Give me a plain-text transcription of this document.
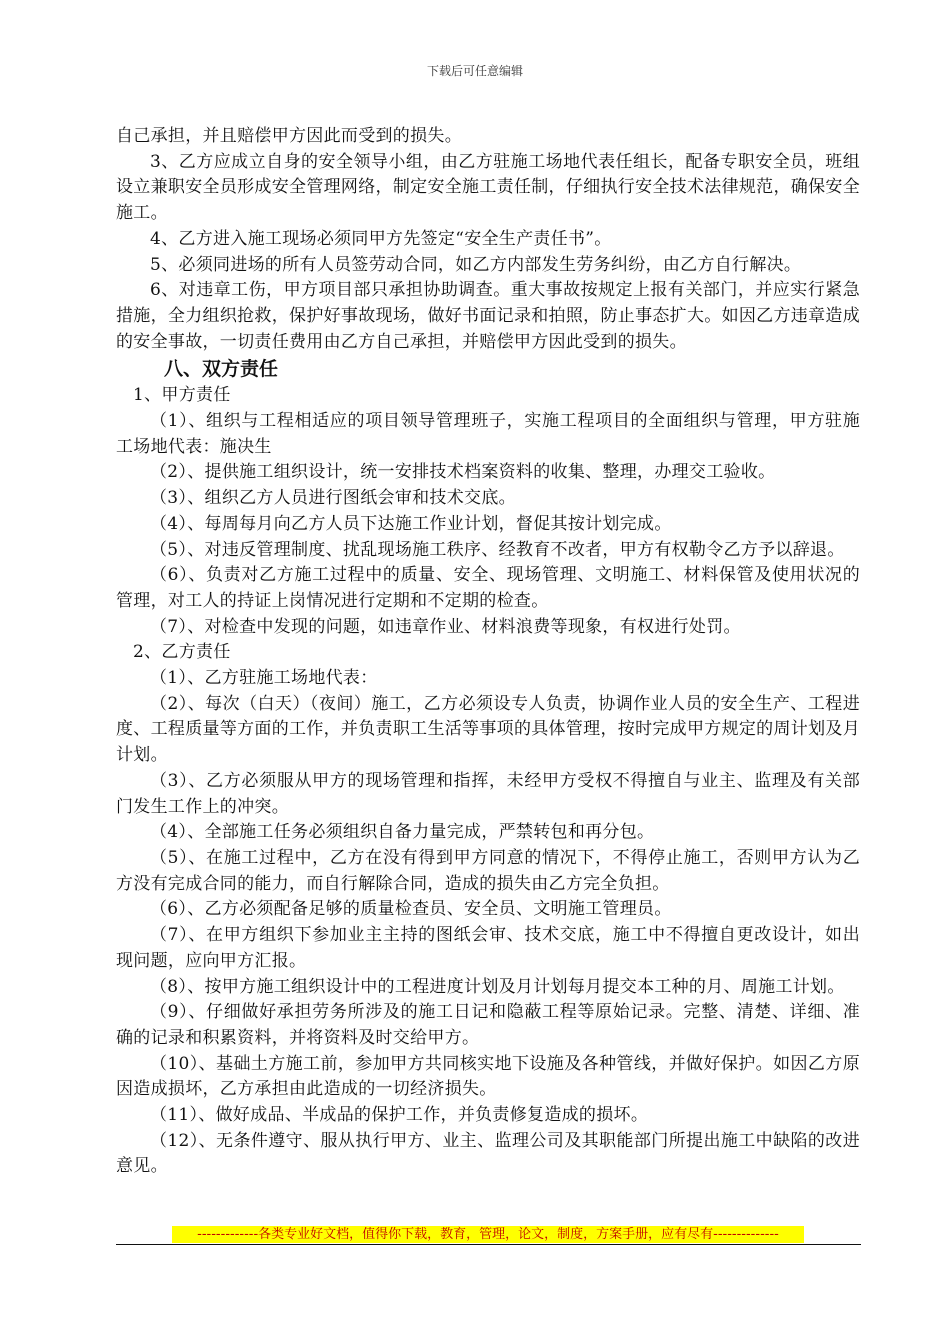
下载后可任意编辑

自己承担，并且赔偿甲方因此而受到的损失。

3、乙方应成立自身的安全领导小组，由乙方驻施工场地代表任组长，配备专职安全员，班组设立兼职安全员形成安全管理网络，制定安全施工责任制，仔细执行安全技术法律规范，确保安全施工。

4、乙方进入施工现场必须同甲方先签定“安全生产责任书”。

5、必须同进场的所有人员签劳动合同，如乙方内部发生劳务纠纷，由乙方自行解决。

6、对违章工伤，甲方项目部只承担协助调查。重大事故按规定上报有关部门，并应实行紧急措施，全力组织抢救，保护好事故现场，做好书面记录和拍照，防止事态扩大。如因乙方违章造成的安全事故，一切责任费用由乙方自己承担，并赔偿甲方因此受到的损失。

八、双方责任

1、甲方责任

（1）、组织与工程相适应的项目领导管理班子，实施工程项目的全面组织与管理，甲方驻施工场地代表：施决生

（2）、提供施工组织设计，统一安排技术档案资料的收集、整理，办理交工验收。

（3）、组织乙方人员进行图纸会审和技术交底。

（4）、每周每月向乙方人员下达施工作业计划，督促其按计划完成。

（5）、对违反管理制度、扰乱现场施工秩序、经教育不改者，甲方有权勒令乙方予以辞退。

（6）、负责对乙方施工过程中的质量、安全、现场管理、文明施工、材料保管及使用状况的管理，对工人的持证上岗情况进行定期和不定期的检查。

（7）、对检查中发现的问题，如违章作业、材料浪费等现象，有权进行处罚。

2、乙方责任

（1）、乙方驻施工场地代表：

（2）、每次（白天）（夜间）施工，乙方必须设专人负责，协调作业人员的安全生产、工程进度、工程质量等方面的工作，并负责职工生活等事项的具体管理，按时完成甲方规定的周计划及月计划。

（3）、乙方必须服从甲方的现场管理和指挥，未经甲方受权不得擅自与业主、监理及有关部门发生工作上的冲突。

（4）、全部施工任务必须组织自备力量完成，严禁转包和再分包。

（5）、在施工过程中，乙方在没有得到甲方同意的情况下，不得停止施工，否则甲方认为乙方没有完成合同的能力，而自行解除合同，造成的损失由乙方完全负担。

（6）、乙方必须配备足够的质量检查员、安全员、文明施工管理员。

（7）、在甲方组织下参加业主主持的图纸会审、技术交底，施工中不得擅自更改设计，如出现问题，应向甲方汇报。

（8）、按甲方施工组织设计中的工程进度计划及月计划每月提交本工种的月、周施工计划。

（9）、仔细做好承担劳务所涉及的施工日记和隐蔽工程等原始记录。完整、清楚、详细、准确的记录和积累资料，并将资料及时交给甲方。

（10）、基础土方施工前，参加甲方共同核实地下设施及各种管线，并做好保护。如因乙方原因造成损坏，乙方承担由此造成的一切经济损失。

（11）、做好成品、半成品的保护工作，并负责修复造成的损坏。

（12）、无条件遵守、服从执行甲方、业主、监理公司及其职能部门所提出施工中缺陷的改进意见。

-------------各类专业好文档，值得你下载，教育，管理，论文，制度，方案手册，应有尽有--------------
